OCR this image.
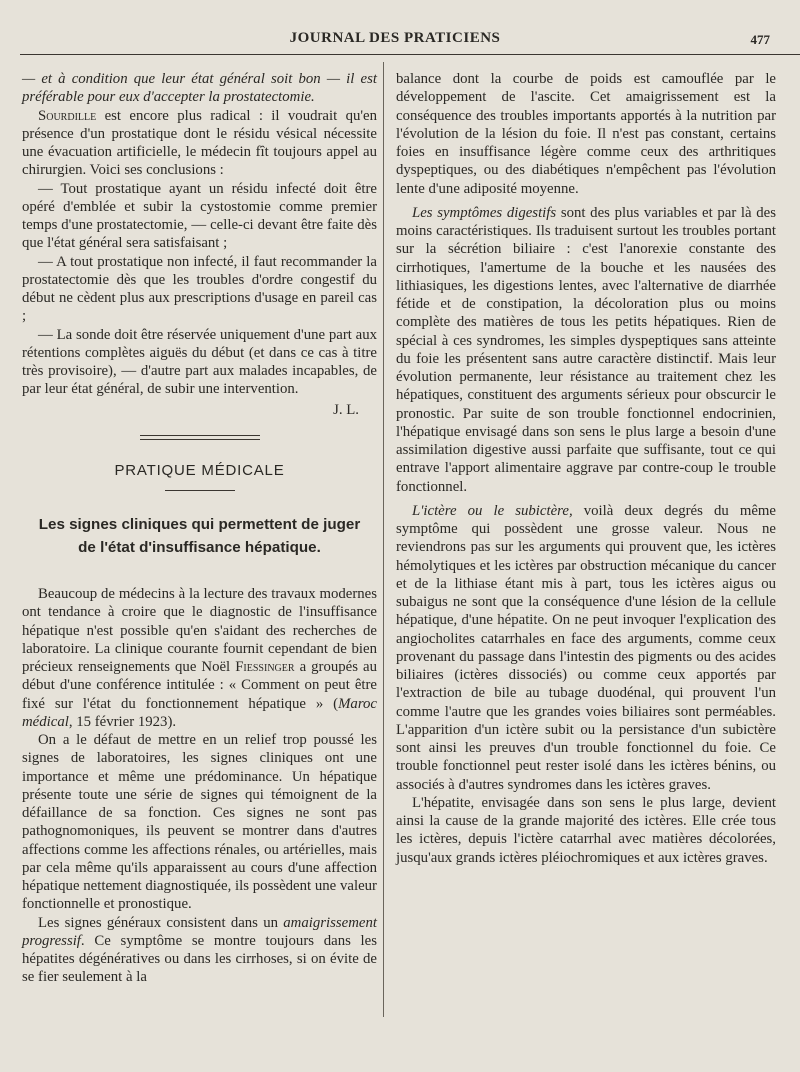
JOURNAL DES PRATICIENS	477

— et à condition que leur état général soit bon — il est préférable pour eux d'accepter la prostatectomie.

Sourdille est encore plus radical : il voudrait qu'en présence d'un prostatique dont le résidu vésical nécessite une évacuation artificielle, le médecin fît toujours appel au chirurgien. Voici ses conclusions :

— Tout prostatique ayant un résidu infecté doit être opéré d'emblée et subir la cystostomie comme premier temps d'une prostatectomie, — celle-ci devant être faite dès que l'état général sera satisfaisant ;

— A tout prostatique non infecté, il faut recommander la prostatectomie dès que les troubles d'ordre congestif du début ne cèdent plus aux prescriptions d'usage en pareil cas ;

— La sonde doit être réservée uniquement d'une part aux rétentions complètes aiguës du début (et dans ce cas à titre très provisoire), — d'autre part aux malades incapables, de par leur état général, de subir une intervention.

J. L.

PRATIQUE MÉDICALE
Les signes cliniques qui permettent de juger
de l'état d'insuffisance hépatique.

Beaucoup de médecins à la lecture des travaux modernes ont tendance à croire que le diagnostic de l'insuffisance hépatique n'est possible qu'en s'aidant des recherches de laboratoire. La clinique courante fournit cependant de bien précieux renseignements que Noël Fiessinger a groupés au début d'une conférence intitulée : « Comment on peut être fixé sur l'état du fonctionnement hépatique » (Maroc médical, 15 février 1923).

On a le défaut de mettre en un relief trop poussé les signes de laboratoires, les signes cliniques ont une importance et même une prédominance. Un hépatique présente toute une série de signes qui témoignent de la défaillance de sa fonction. Ces signes ne sont pas pathognomoniques, ils peuvent se montrer dans d'autres affections comme les affections rénales, ou artérielles, mais par cela même qu'ils apparaissent au cours d'une affection hépatique nettement diagnostiquée, ils possèdent une valeur fonctionnelle et pronostique.

Les signes généraux consistent dans un amaigrissement progressif. Ce symptôme se montre toujours dans les hépatites dégénératives ou dans les cirrhoses, si on évite de se fier seulement à la

balance dont la courbe de poids est camouflée par le développement de l'ascite. Cet amaigrissement est la conséquence des troubles importants apportés à la nutrition par l'évolution de la lésion du foie. Il n'est pas constant, certains foies en insuffisance légère comme ceux des arthritiques dyspeptiques, ou des diabétiques n'empêchent pas l'évolution lente d'une adiposité moyenne.

Les symptômes digestifs sont des plus variables et par là des moins caractéristiques. Ils traduisent surtout les troubles portant sur la sécrétion biliaire : c'est l'anorexie constante des cirrhotiques, l'amertume de la bouche et les nausées des lithiasiques, les digestions lentes, avec l'alternative de diarrhée fétide et de constipation, la décoloration plus ou moins complète des matières de tous les petits hépatiques. Rien de spécial à ces syndromes, les simples dyspeptiques sans atteinte du foie les présentent sans autre caractère distinctif. Mais leur évolution permanente, leur résistance au traitement chez les hépatiques, constituent des arguments sérieux pour obscurcir le pronostic. Par suite de son trouble fonctionnel endocrinien, l'hépatique envisagé dans son sens le plus large a besoin d'une assimilation digestive aussi parfaite que suffisante, tout ce qui entrave l'apport alimentaire aggrave par contre-coup le trouble fonctionnel.

L'ictère ou le subictère, voilà deux degrés du même symptôme qui possèdent une grosse valeur. Nous ne reviendrons pas sur les arguments qui prouvent que, les ictères hémolytiques et les ictères par obstruction mécanique du cancer et de la lithiase étant mis à part, tous les ictères aigus ou subaigus ne sont que la conséquence d'une lésion de la cellule hépatique, d'une hépatite. On ne peut invoquer l'explication des angiocholites catarrhales en face des arguments, comme ceux provenant du passage dans l'intestin des pigments ou des acides biliaires (ictères dissociés) ou comme ceux apportés par l'extraction de bile au tubage duodénal, qui prouvent l'un comme l'autre que les grandes voies biliaires sont perméables. L'apparition d'un ictère subit ou la persistance d'un subictère sont ainsi les preuves d'un trouble fonctionnel du foie. Ce trouble fonctionnel peut rester isolé dans les ictères bénins, ou associés à d'autres syndromes dans les ictères graves.

L'hépatite, envisagée dans son sens le plus large, devient ainsi la cause de la grande majorité des ictères. Elle crée tous les ictères, depuis l'ictère catarrhal avec matières décolorées, jusqu'aux grands ictères pléiochromiques et aux ictères graves.
